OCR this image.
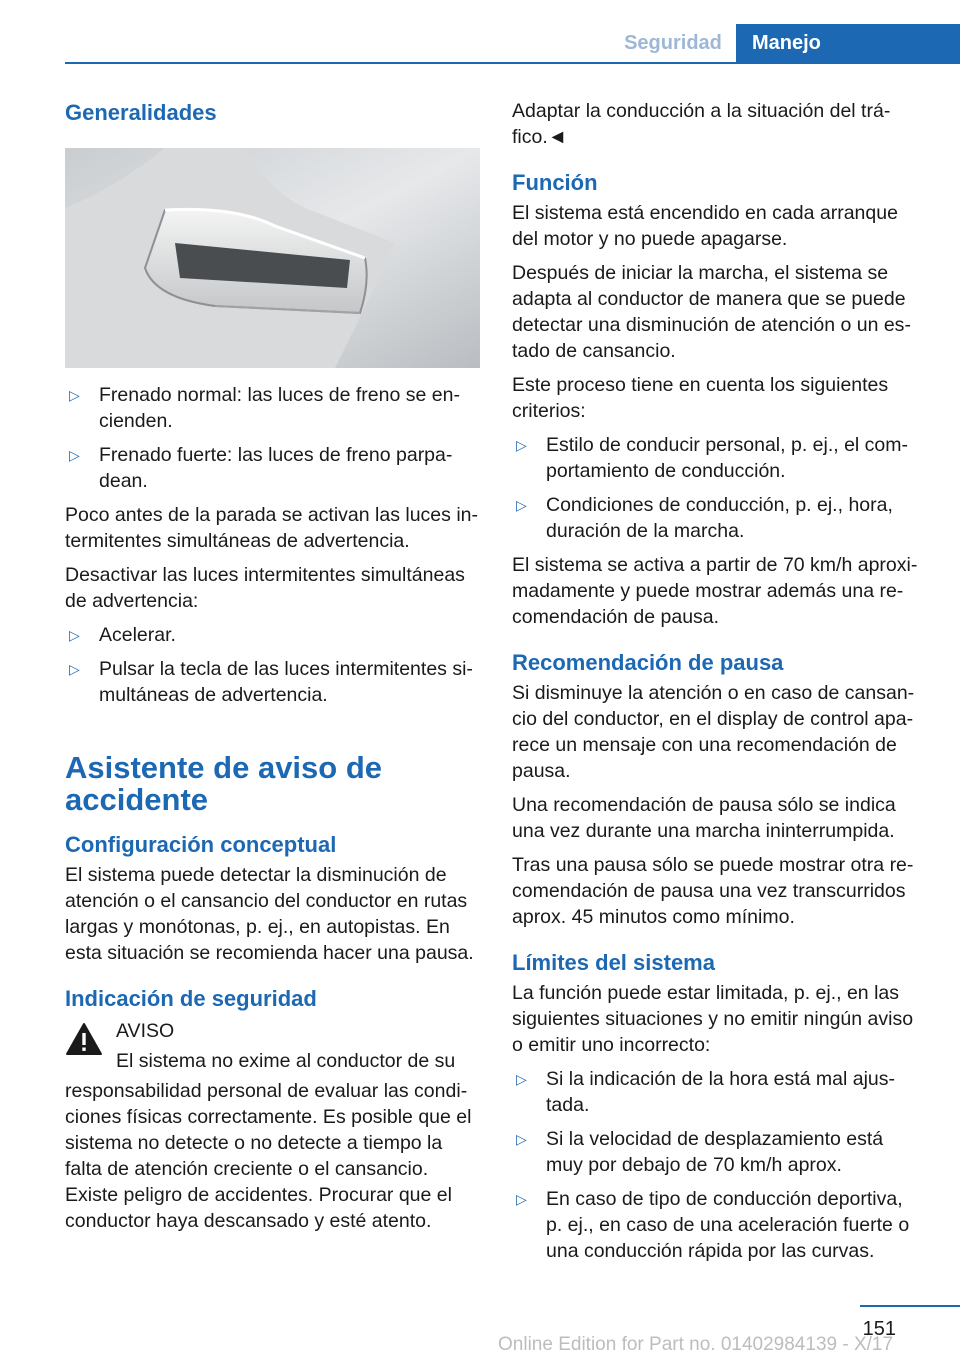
Seguridad	Manejo
Generalidades
▷ Frenado normal: las luces de freno se encienden.
▷ Frenado fuerte: las luces de freno parpadean.

Poco antes de la parada se activan las luces intermitentes simultáneas de advertencia.

Desactivar las luces intermitentes simultáneas de advertencia:

▷ Acelerar.
▷ Pulsar la tecla de las luces intermitentes simultáneas de advertencia.
Asistente de aviso de accidente
Configuración conceptual

El sistema puede detectar la disminución de atención o el cansancio del conductor en rutas largas y monótonas, p. ej., en autopistas. En esta situación se recomienda hacer una pausa.

Indicación de seguridad

AVISO

El sistema no exime al conductor de su

responsabilidad personal de evaluar las condiciones físicas correctamente. Es posible que el sistema no detecte o no detecte a tiempo la falta de atención creciente o el cansancio. Existe peligro de accidentes. Procurar que el conductor haya descansado y esté atento.

Adaptar la conducción a la situación del tráfico.◄

Función

El sistema está encendido en cada arranque del motor y no puede apagarse.

Después de iniciar la marcha, el sistema se adapta al conductor de manera que se puede detectar una disminución de atención o un estado de cansancio.

Este proceso tiene en cuenta los siguientes criterios:

▷ Estilo de conducir personal, p. ej., el comportamiento de conducción.
▷ Condiciones de conducción, p. ej., hora, duración de la marcha.

El sistema se activa a partir de 70 km/h aproximadamente y puede mostrar además una recomendación de pausa.

Recomendación de pausa

Si disminuye la atención o en caso de cansancio del conductor, en el display de control aparece un mensaje con una recomendación de pausa.

Una recomendación de pausa sólo se indica una vez durante una marcha ininterrumpida.

Tras una pausa sólo se puede mostrar otra recomendación de pausa una vez transcurridos aprox. 45 minutos como mínimo.

Límites del sistema

La función puede estar limitada, p. ej., en las siguientes situaciones y no emitir ningún aviso o emitir uno incorrecto:

▷ Si la indicación de la hora está mal ajustada.
▷ Si la velocidad de desplazamiento está muy por debajo de 70 km/h aprox.
▷ En caso de tipo de conducción deportiva, p. ej., en caso de una aceleración fuerte o una conducción rápida por las curvas.
151
Online Edition for Part no. 01402984139 - X/17
